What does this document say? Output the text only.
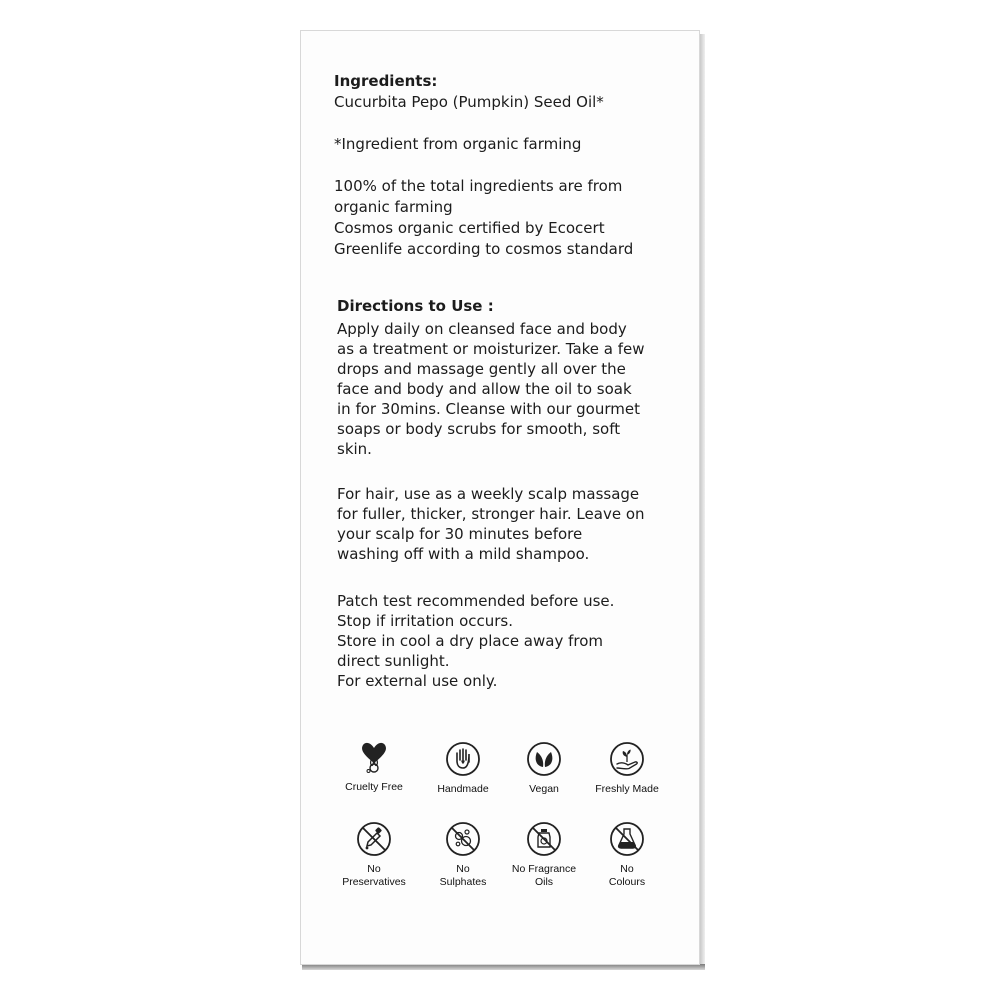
Ingredients:
Cucurbita Pepo (Pumpkin) Seed Oil*

*Ingredient from organic farming

100% of the total ingredients are from
organic farming
Cosmos organic certified by Ecocert
Greenlife according to cosmos standard
Directions to Use :
Apply daily on cleansed face and body
as a treatment or moisturizer. Take a few
drops and massage gently all over the
face and body and allow the oil to soak
in for 30mins. Cleanse with our gourmet
soaps or body scrubs for smooth, soft
skin.
For hair, use as a weekly scalp massage
for fuller, thicker, stronger hair. Leave on
your scalp for 30 minutes before
washing off with a mild shampoo.
Patch test recommended before use.
Stop if irritation occurs.
Store in cool a dry place away from
direct sunlight.
For external use only.
Cruelty Free	Handmade	Vegan	Freshly Made
No
Preservatives
No
Sulphates
No Fragrance
Oils
No
Colours
